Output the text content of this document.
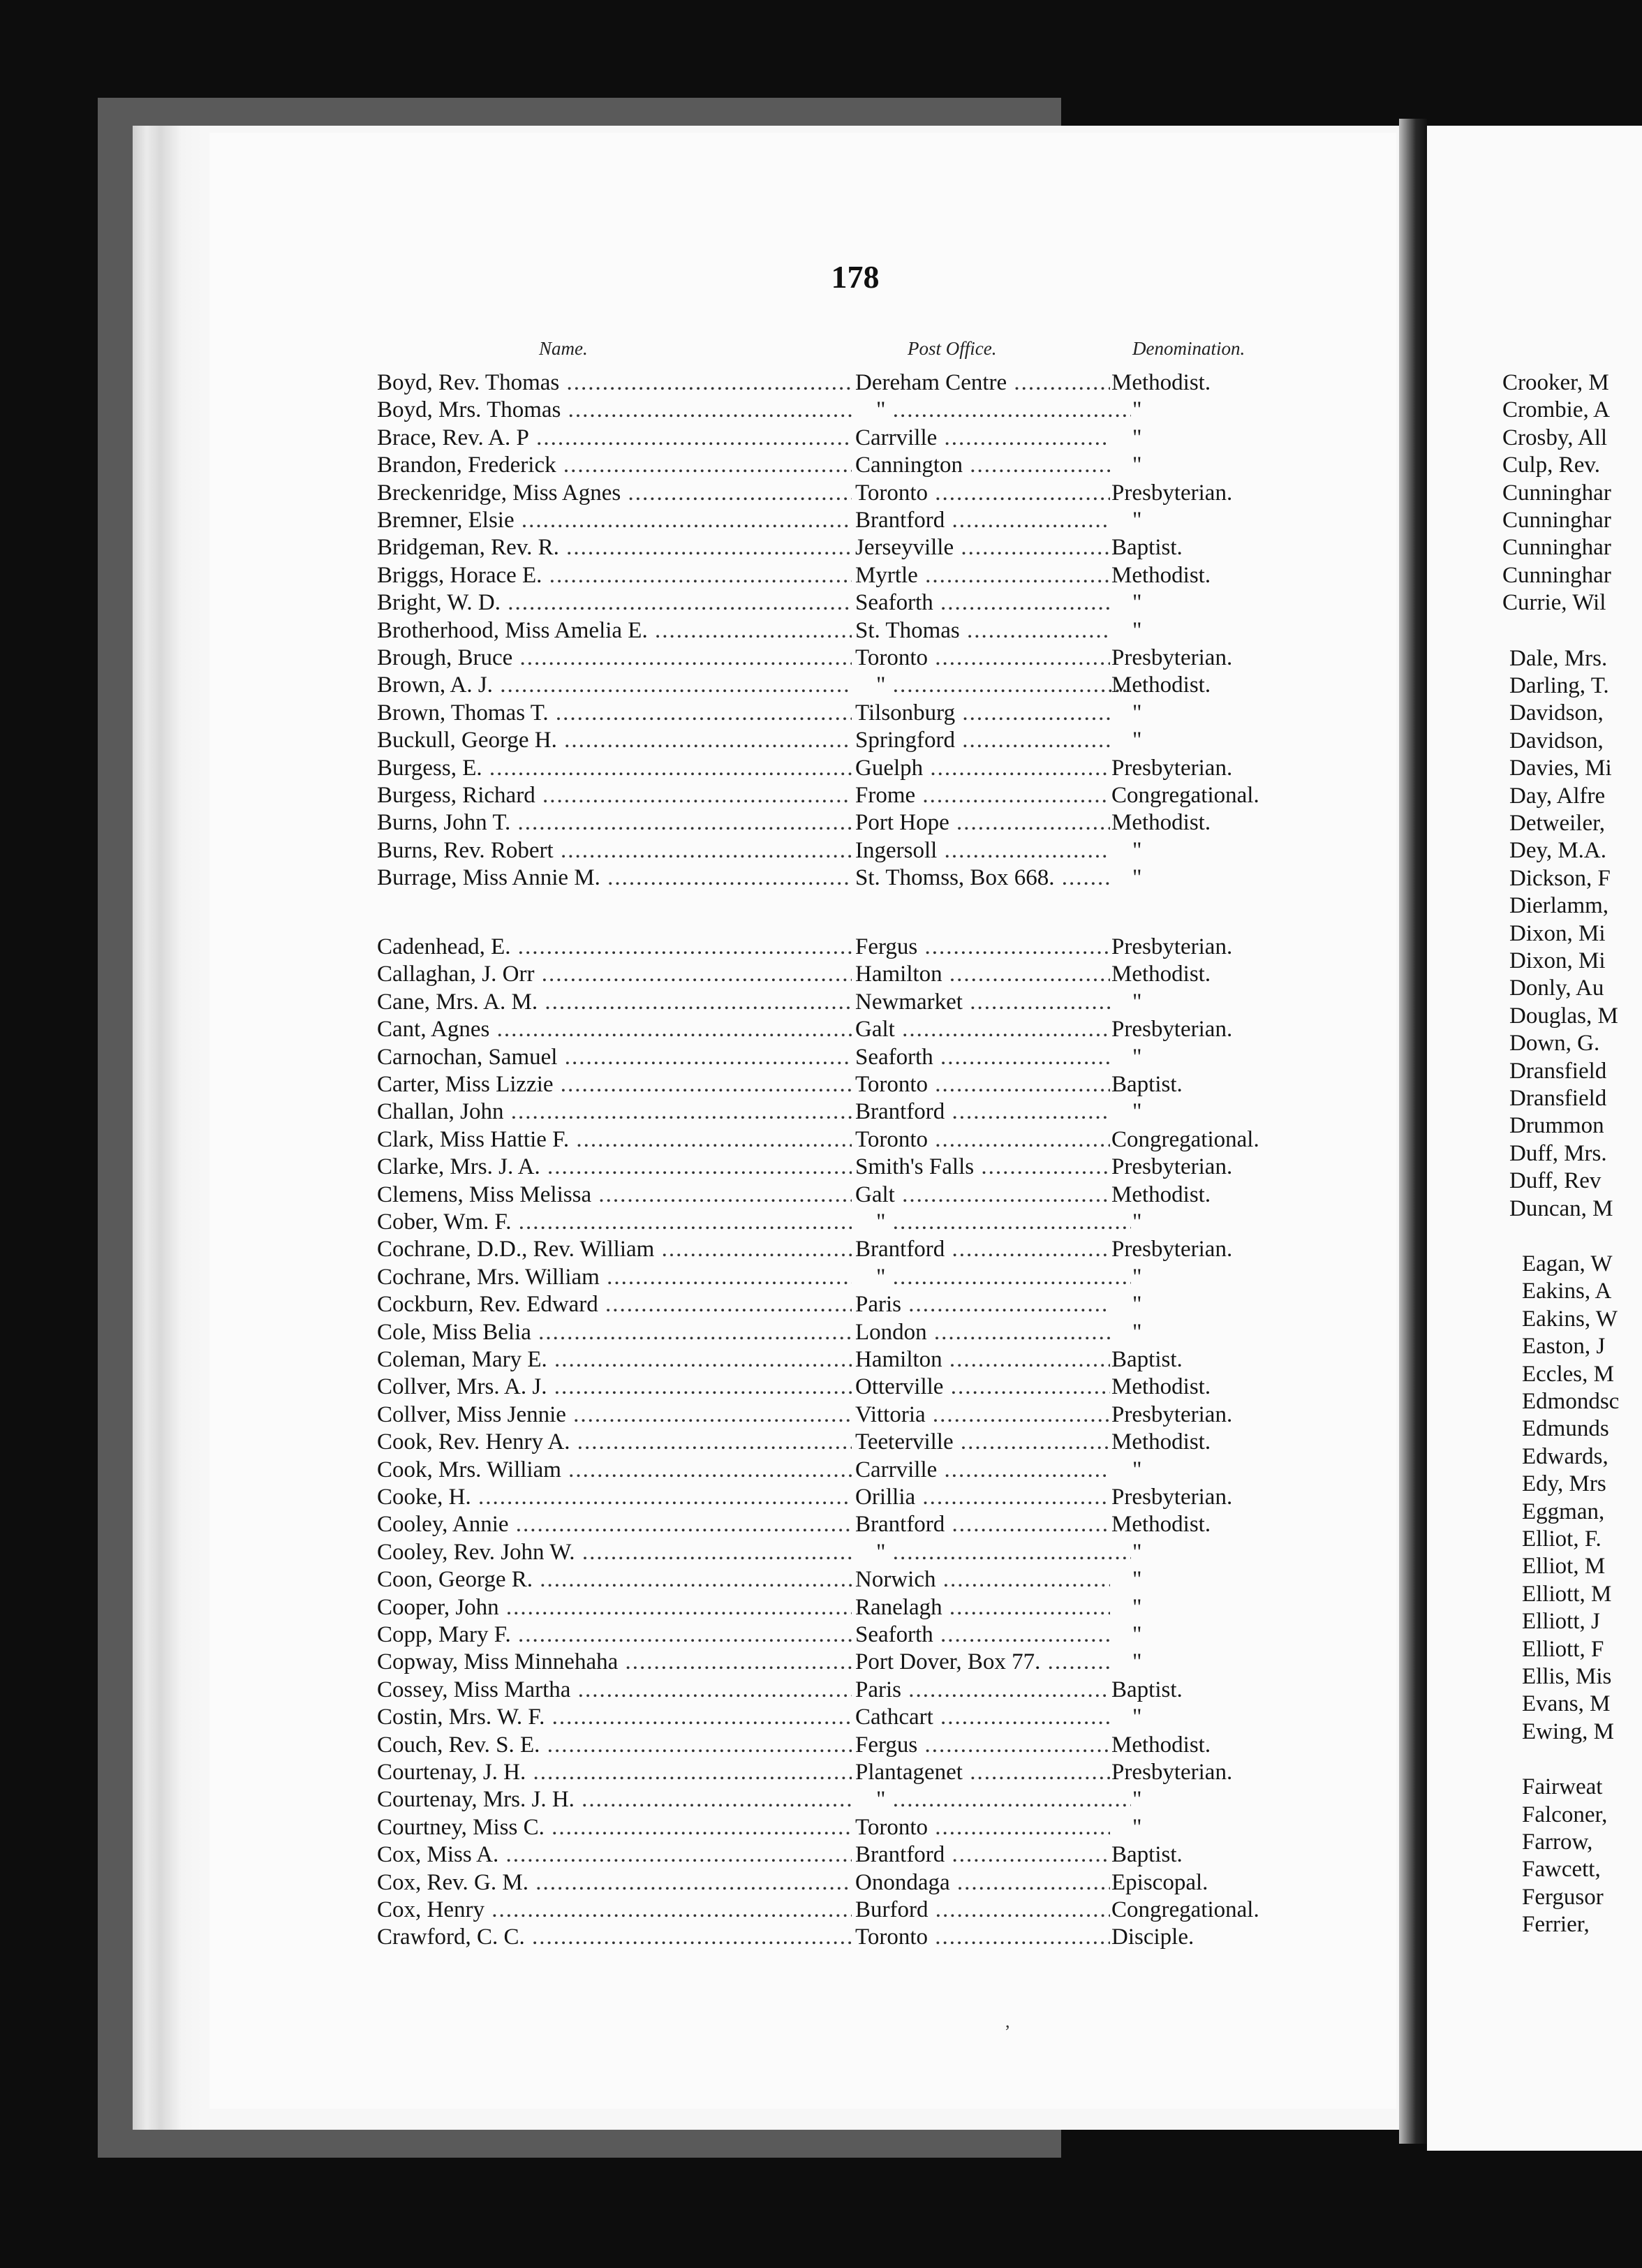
178
Name.	Post Office.	Denomination.
Boyd, Rev. Thomas .....	Dereham Centre .....	Methodist.
Boyd, Mrs. Thomas .....	" .....	"
Brace, Rev. A. P .....	Carrville .....	"
Brandon, Frederick .....	Cannington .....	"
Breckenridge, Miss Agnes .....	Toronto .....	Presbyterian.
Bremner, Elsie .....	Brantford .....	"
Bridgeman, Rev. R. .....	Jerseyville .....	Baptist.
Briggs, Horace E. .....	Myrtle .....	Methodist.
Bright, W. D. .....	Seaforth .....	"
Brotherhood, Miss Amelia E. .....	St. Thomas .....	"
Brough, Bruce .....	Toronto .....	Presbyterian.
Brown, A. J. .....	" .....	Methodist.
Brown, Thomas T. .....	Tilsonburg .....	"
Buckull, George H. .....	Springford .....	"
Burgess, E. .....	Guelph .....	Presbyterian.
Burgess, Richard .....	Frome .....	Congregational.
Burns, John T. .....	Port Hope .....	Methodist.
Burns, Rev. Robert .....	Ingersoll .....	"
Burrage, Miss Annie M. .....	St. Thomss, Box 668. .....	"
Cadenhead, E. .....	Fergus .....	Presbyterian.
Callaghan, J. Orr .....	Hamilton .....	Methodist.
Cane, Mrs. A. M. .....	Newmarket .....	"
Cant, Agnes .....	Galt .....	Presbyterian.
Carnochan, Samuel .....	Seaforth .....	"
Carter, Miss Lizzie .....	Toronto .....	Baptist.
Challan, John .....	Brantford .....	"
Clark, Miss Hattie F. .....	Toronto .....	Congregational.
Clarke, Mrs. J. A. .....	Smith's Falls .....	Presbyterian.
Clemens, Miss Melissa .....	Galt .....	Methodist.
Cober, Wm. F. .....	" .....	"
Cochrane, D.D., Rev. William .....	Brantford .....	Presbyterian.
Cochrane, Mrs. William .....	" .....	"
Cockburn, Rev. Edward .....	Paris .....	"
Cole, Miss Belia .....	London .....	"
Coleman, Mary E. .....	Hamilton .....	Baptist.
Collver, Mrs. A. J. .....	Otterville .....	Methodist.
Collver, Miss Jennie .....	Vittoria .....	Presbyterian.
Cook, Rev. Henry A. .....	Teeterville .....	Methodist.
Cook, Mrs. William .....	Carrville .....	"
Cooke, H. .....	Orillia .....	Presbyterian.
Cooley, Annie .....	Brantford .....	Methodist.
Cooley, Rev. John W. .....	" .....	"
Coon, George R. .....	Norwich .....	"
Cooper, John .....	Ranelagh .....	"
Copp, Mary F. .....	Seaforth .....	"
Copway, Miss Minnehaha .....	Port Dover, Box 77. .....	"
Cossey, Miss Martha .....	Paris .....	Baptist.
Costin, Mrs. W. F. .....	Cathcart .....	"
Couch, Rev. S. E. .....	Fergus .....	Methodist.
Courtenay, J. H. .....	Plantagenet .....	Presbyterian.
Courtenay, Mrs. J. H. .....	" .....	"
Courtney, Miss C. .....	Toronto .....	"
Cox, Miss A. .....	Brantford .....	Baptist.
Cox, Rev. G. M. .....	Onondaga .....	Episcopal.
Cox, Henry .....	Burford .....	Congregational.
Crawford, C. C. .....	Toronto .....	Disciple.
Crooker, M
Crombie, A
Crosby, All
Culp, Rev.
Cunninghar
Cunninghar
Cunninghar
Cunninghar
Currie, Wil
Dale, Mrs.
Darling, T.
Davidson,
Davidson,
Davies, Mi
Day, Alfre
Detweiler,
Dey, M.A.
Dickson, F
Dierlamm,
Dixon, Mi
Dixon, Mi
Donly, Au
Douglas, M
Down, G.
Dransfield
Dransfield
Drummon
Duff, Mrs.
Duff, Rev
Duncan, M
Eagan, W
Eakins, A
Eakins, W
Easton, J
Eccles, M
Edmondsc
Edmunds
Edwards,
Edy, Mrs
Eggman,
Elliot, F.
Elliot, M
Elliott, M
Elliott, J
Elliott, F
Ellis, Mis
Evans, M
Ewing, M
Fairweat
Falconer,
Farrow,
Fawcett,
Fergusor
Ferrier,
,
